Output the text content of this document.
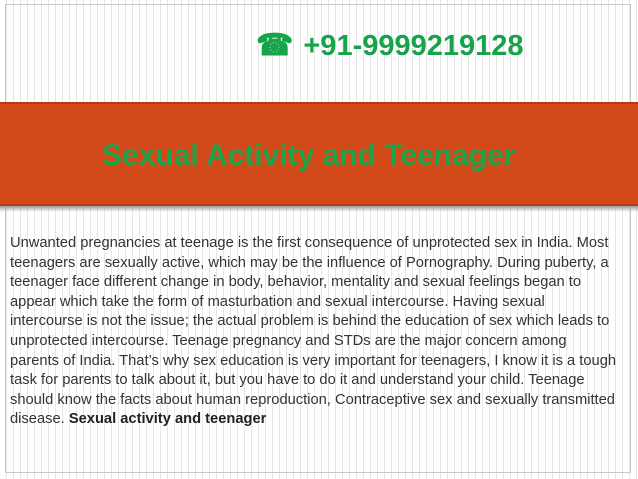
☎ +91-9999219128
Sexual Activity and Teenager
Unwanted pregnancies at teenage is the first consequence of unprotected sex in India. Most teenagers are sexually active, which may be the influence of Pornography. During puberty, a teenager face different change in body, behavior, mentality and sexual feelings began to appear which take the form of masturbation and sexual intercourse. Having sexual intercourse is not the issue; the actual problem is behind the education of sex which leads to unprotected intercourse. Teenage pregnancy and STDs are the major concern among parents of India. That’s why sex education is very important for teenagers, I know it is a tough task for parents to talk about it, but you have to do it and understand your child. Teenage should know the facts about human reproduction, Contraceptive sex and sexually transmitted disease. Sexual activity and teenager
